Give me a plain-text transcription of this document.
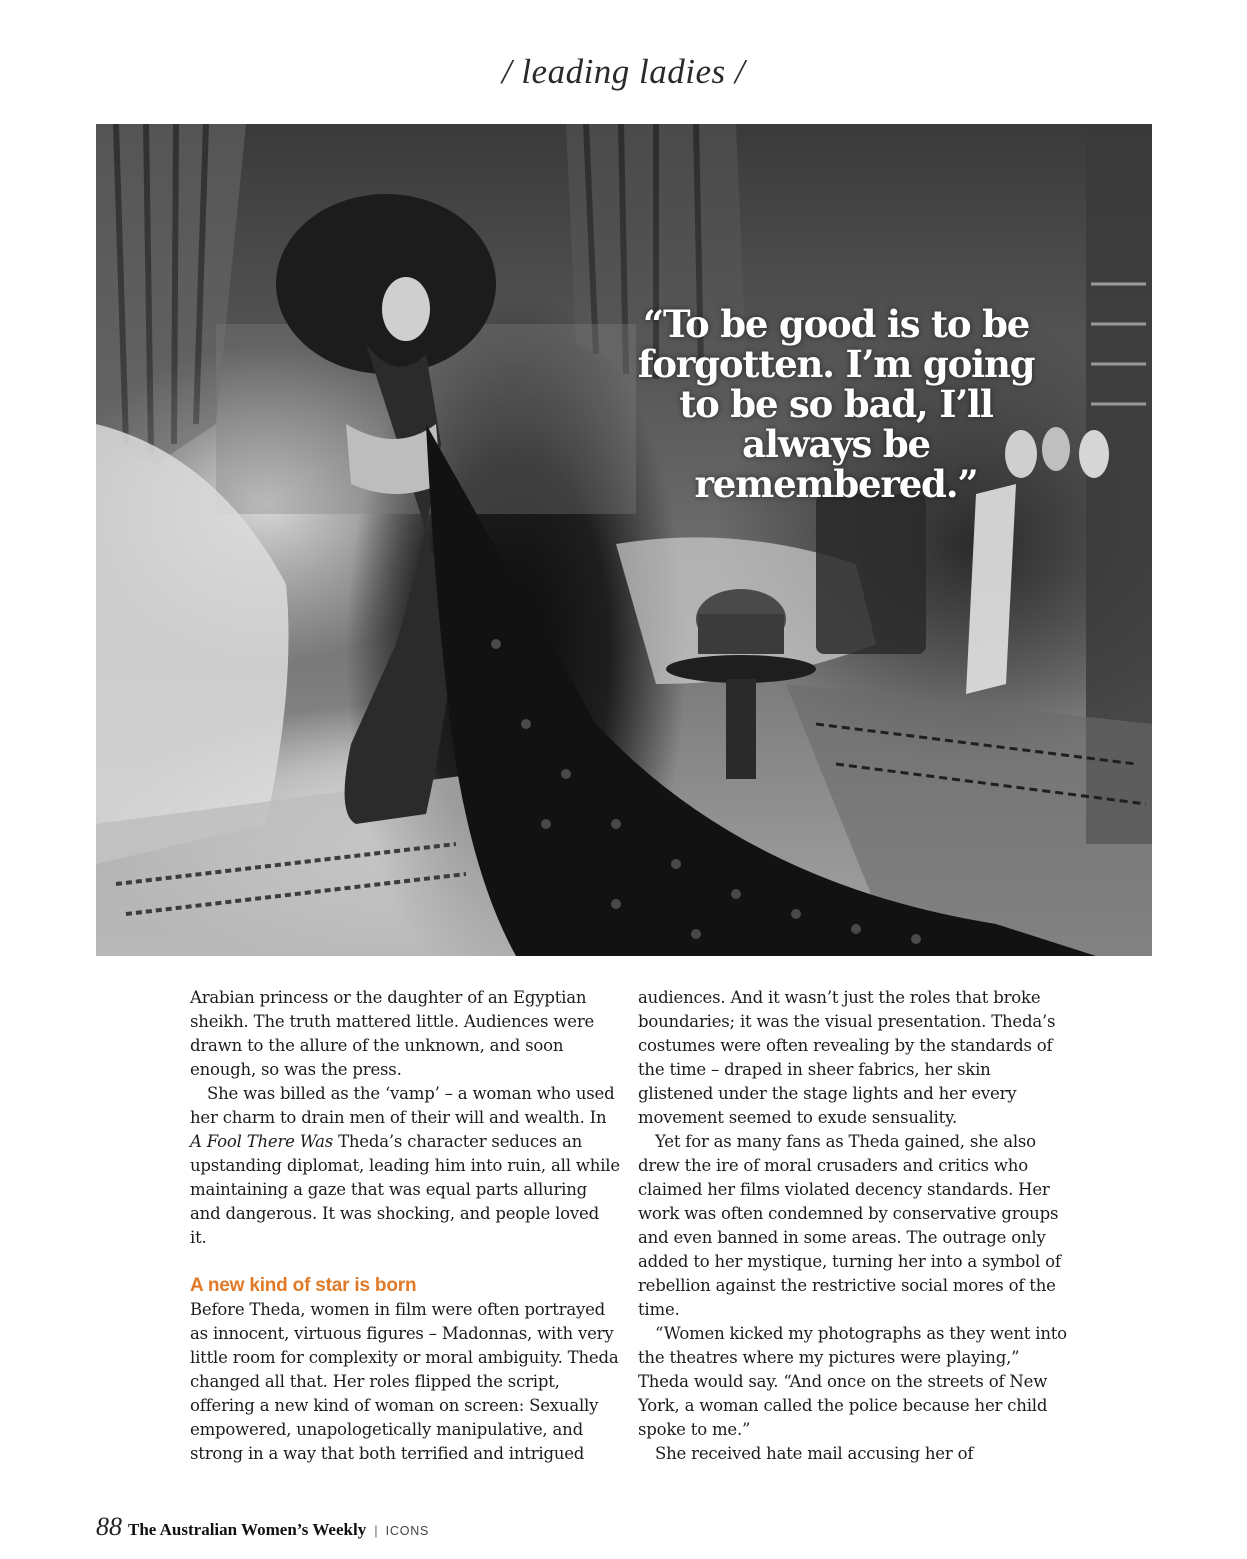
/ leading ladies /
“To be good is to be forgotten. I’m going to be so bad, I’ll always be remembered.”

Arabian princess or the daughter of an Egyptian sheikh. The truth mattered little. Audiences were drawn to the allure of the unknown, and soon enough, so was the press.

She was billed as the ‘vamp’ – a woman who used her charm to drain men of their will and wealth. In A Fool There Was Theda’s character seduces an upstanding diplomat, leading him into ruin, all while maintaining a gaze that was equal parts alluring and dangerous. It was shocking, and people loved it.

A new kind of star is born

Before Theda, women in film were often portrayed as innocent, virtuous figures – Madonnas, with very little room for complexity or moral ambiguity. Theda changed all that. Her roles flipped the script, offering a new kind of woman on screen: Sexually empowered, unapologetically manipulative, and strong in a way that both terrified and intrigued

audiences. And it wasn’t just the roles that broke boundaries; it was the visual presentation. Theda’s costumes were often revealing by the standards of the time – draped in sheer fabrics, her skin glistened under the stage lights and her every movement seemed to exude sensuality.

Yet for as many fans as Theda gained, she also drew the ire of moral crusaders and critics who claimed her films violated decency standards. Her work was often condemned by conservative groups and even banned in some areas. The outrage only added to her mystique, turning her into a symbol of rebellion against the restrictive social mores of the time.

“Women kicked my photographs as they went into the theatres where my pictures were playing,” Theda would say. “And once on the streets of New York, a woman called the police because her child spoke to me.”

She received hate mail accusing her of

88 The Australian Women’s Weekly | ICONS
